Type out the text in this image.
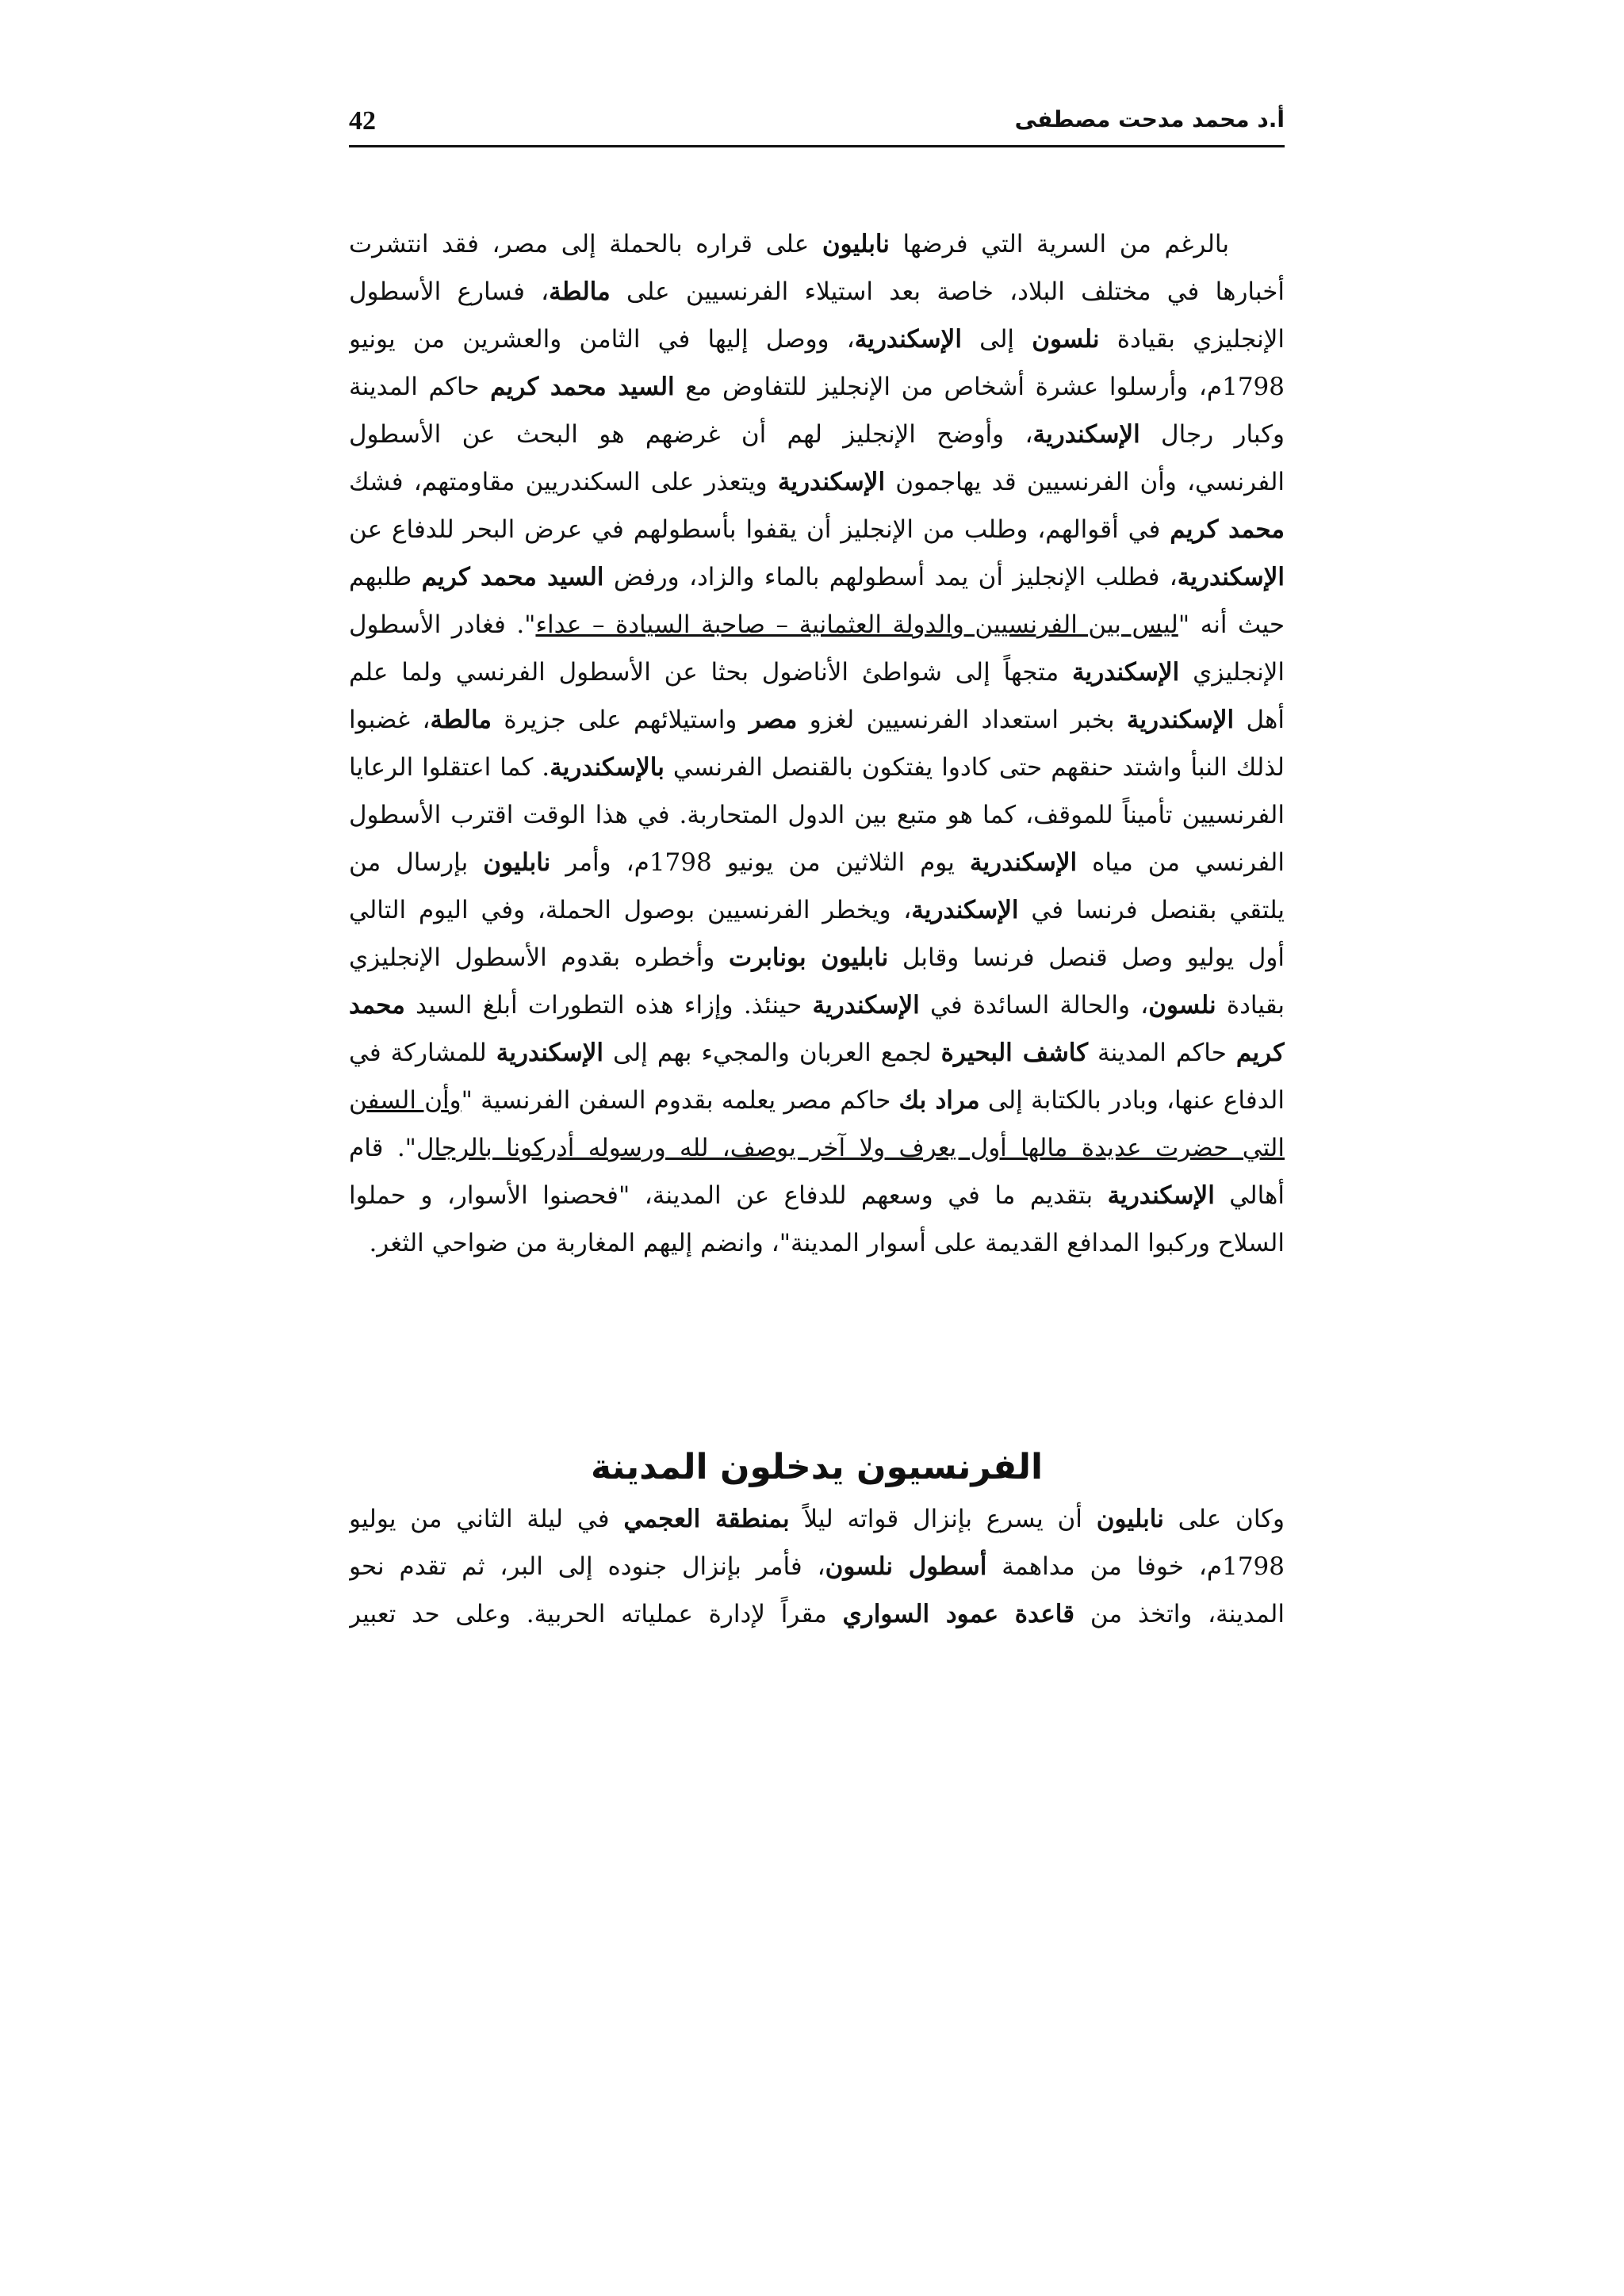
42	أ.د محمد مدحت مصطفى
بالرغم من السرية التي فرضها نابليون على قراره بالحملة إلى مصر، فقد انتشرت
أخبارها في مختلف البلاد، خاصة بعد استيلاء الفرنسيين على مالطة، فسارع الأسطول
الإنجليزي بقيادة نلسون إلى الإسكندرية، ووصل إليها في الثامن والعشرين من يونيو
1798م، وأرسلوا عشرة أشخاص من الإنجليز للتفاوض مع السيد محمد كريم حاكم المدينة
وكبار رجال الإسكندرية، وأوضح الإنجليز لهم أن غرضهم هو البحث عن الأسطول
الفرنسي، وأن الفرنسيين قد يهاجمون الإسكندرية ويتعذر على السكندريين مقاومتهم، فشك
محمد كريم في أقوالهم، وطلب من الإنجليز أن يقفوا بأسطولهم في عرض البحر للدفاع عن
الإسكندرية، فطلب الإنجليز أن يمد أسطولهم بالماء والزاد، ورفض السيد محمد كريم طلبهم
حيث أنه "ليس بين الفرنسيين والدولة العثمانية – صاحبة السيادة – عداء". فغادر الأسطول
الإنجليزي الإسكندرية متجهاً إلى شواطئ الأناضول بحثا عن الأسطول الفرنسي ولما علم
أهل الإسكندرية بخبر استعداد الفرنسيين لغزو مصر واستيلائهم على جزيرة مالطة، غضبوا
لذلك النبأ واشتد حنقهم حتى كادوا يفتكون بالقنصل الفرنسي بالإسكندرية. كما اعتقلوا الرعايا
الفرنسيين تأميناً للموقف، كما هو متبع بين الدول المتحاربة. في هذا الوقت اقترب الأسطول
الفرنسي من مياه الإسكندرية يوم الثلاثين من يونيو 1798م، وأمر نابليون بإرسال من
يلتقي بقنصل فرنسا في الإسكندرية، ويخطر الفرنسيين بوصول الحملة، وفي اليوم التالي
أول يوليو وصل قنصل فرنسا وقابل نابليون بونابرت وأخطره بقدوم الأسطول الإنجليزي
بقيادة نلسون، والحالة السائدة في الإسكندرية حينئذ. وإزاء هذه التطورات أبلغ السيد محمد
كريم حاكم المدينة كاشف البحيرة لجمع العربان والمجيء بهم إلى الإسكندرية للمشاركة في
الدفاع عنها، وبادر بالكتابة إلى مراد بك حاكم مصر يعلمه بقدوم السفن الفرنسية "وأن السفن
التي حضرت عديدة مالها أول يعرف ولا آخر يوصف، لله ورسوله أدركونا بالرجال". قام
أهالي الإسكندرية بتقديم ما في وسعهم للدفاع عن المدينة، "فحصنوا الأسوار، و حملوا
السلاح وركبوا المدافع القديمة على أسوار المدينة"، وانضم إليهم المغاربة من ضواحي الثغر.
الفرنسيون يدخلون المدينة
وكان على نابليون أن يسرع بإنزال قواته ليلاً بمنطقة العجمي في ليلة الثاني من يوليو
1798م، خوفا من مداهمة أسطول نلسون، فأمر بإنزال جنوده إلى البر، ثم تقدم نحو
المدينة، واتخذ من قاعدة عمود السواري مقراً لإدارة عملياته الحربية. وعلى حد تعبير
